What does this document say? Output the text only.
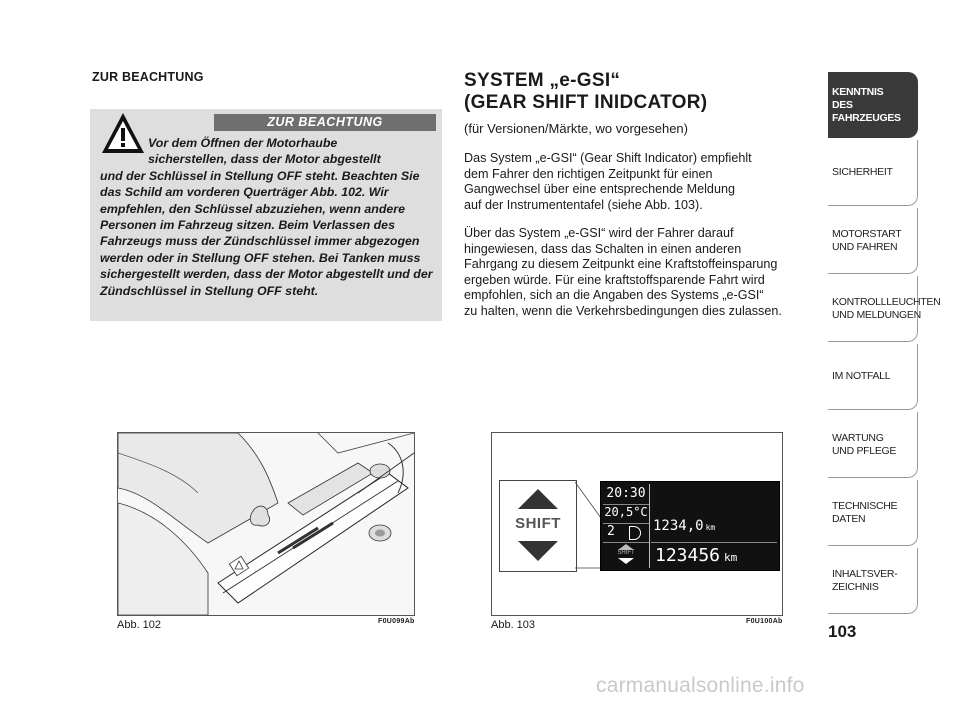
ZUR BEACHTUNG
ZUR BEACHTUNG
Vor dem Öffnen der Motorhaube
sicherstellen, dass der Motor abgestellt
und der Schlüssel in Stellung OFF steht. Beachten Sie das Schild am vorderen Querträger Abb. 102. Wir empfehlen, den Schlüssel abzuziehen, wenn andere Personen im Fahrzeug sitzen. Beim Verlassen des Fahrzeugs muss der Zündschlüssel immer abgezogen werden oder in Stellung OFF stehen. Bei Tanken muss sichergestellt werden, dass der Motor abgestellt und der Zündschlüssel in Stellung OFF steht.
SYSTEM „e-GSI“
(GEAR SHIFT INIDCATOR)
(für Versionen/Märkte, wo vorgesehen)
Das System „e-GSI“ (Gear Shift Indicator) empfiehlt
dem Fahrer den richtigen Zeitpunkt für einen
Gangwechsel über eine entsprechende Meldung
auf der Instrumententafel (siehe Abb. 103).
Über das System „e-GSI“ wird der Fahrer darauf
hingewiesen, dass das Schalten in einen anderen
Fahrgang zu diesem Zeitpunkt eine Kraftstoffeinsparung
ergeben würde. Für eine kraftstoffsparende Fahrt wird
empfohlen, sich an die Angaben des Systems „e-GSI“
zu halten, wenn die Verkehrsbedingungen dies zulassen.
Abb. 102	F0U099Ab
SHIFT
20:30
20,5°C
2
SHIFT
1234,0 km
123456 km
Abb. 103	F0U100Ab
KENNTNIS
DES FAHRZEUGES
SICHERHEIT
MOTORSTART
UND FAHREN
KONTROLLLEUCHTEN
UND MELDUNGEN
IM NOTFALL
WARTUNG
UND PFLEGE
TECHNISCHE
DATEN
INHALTSVER-
ZEICHNIS
103
carmanualsonline.info
